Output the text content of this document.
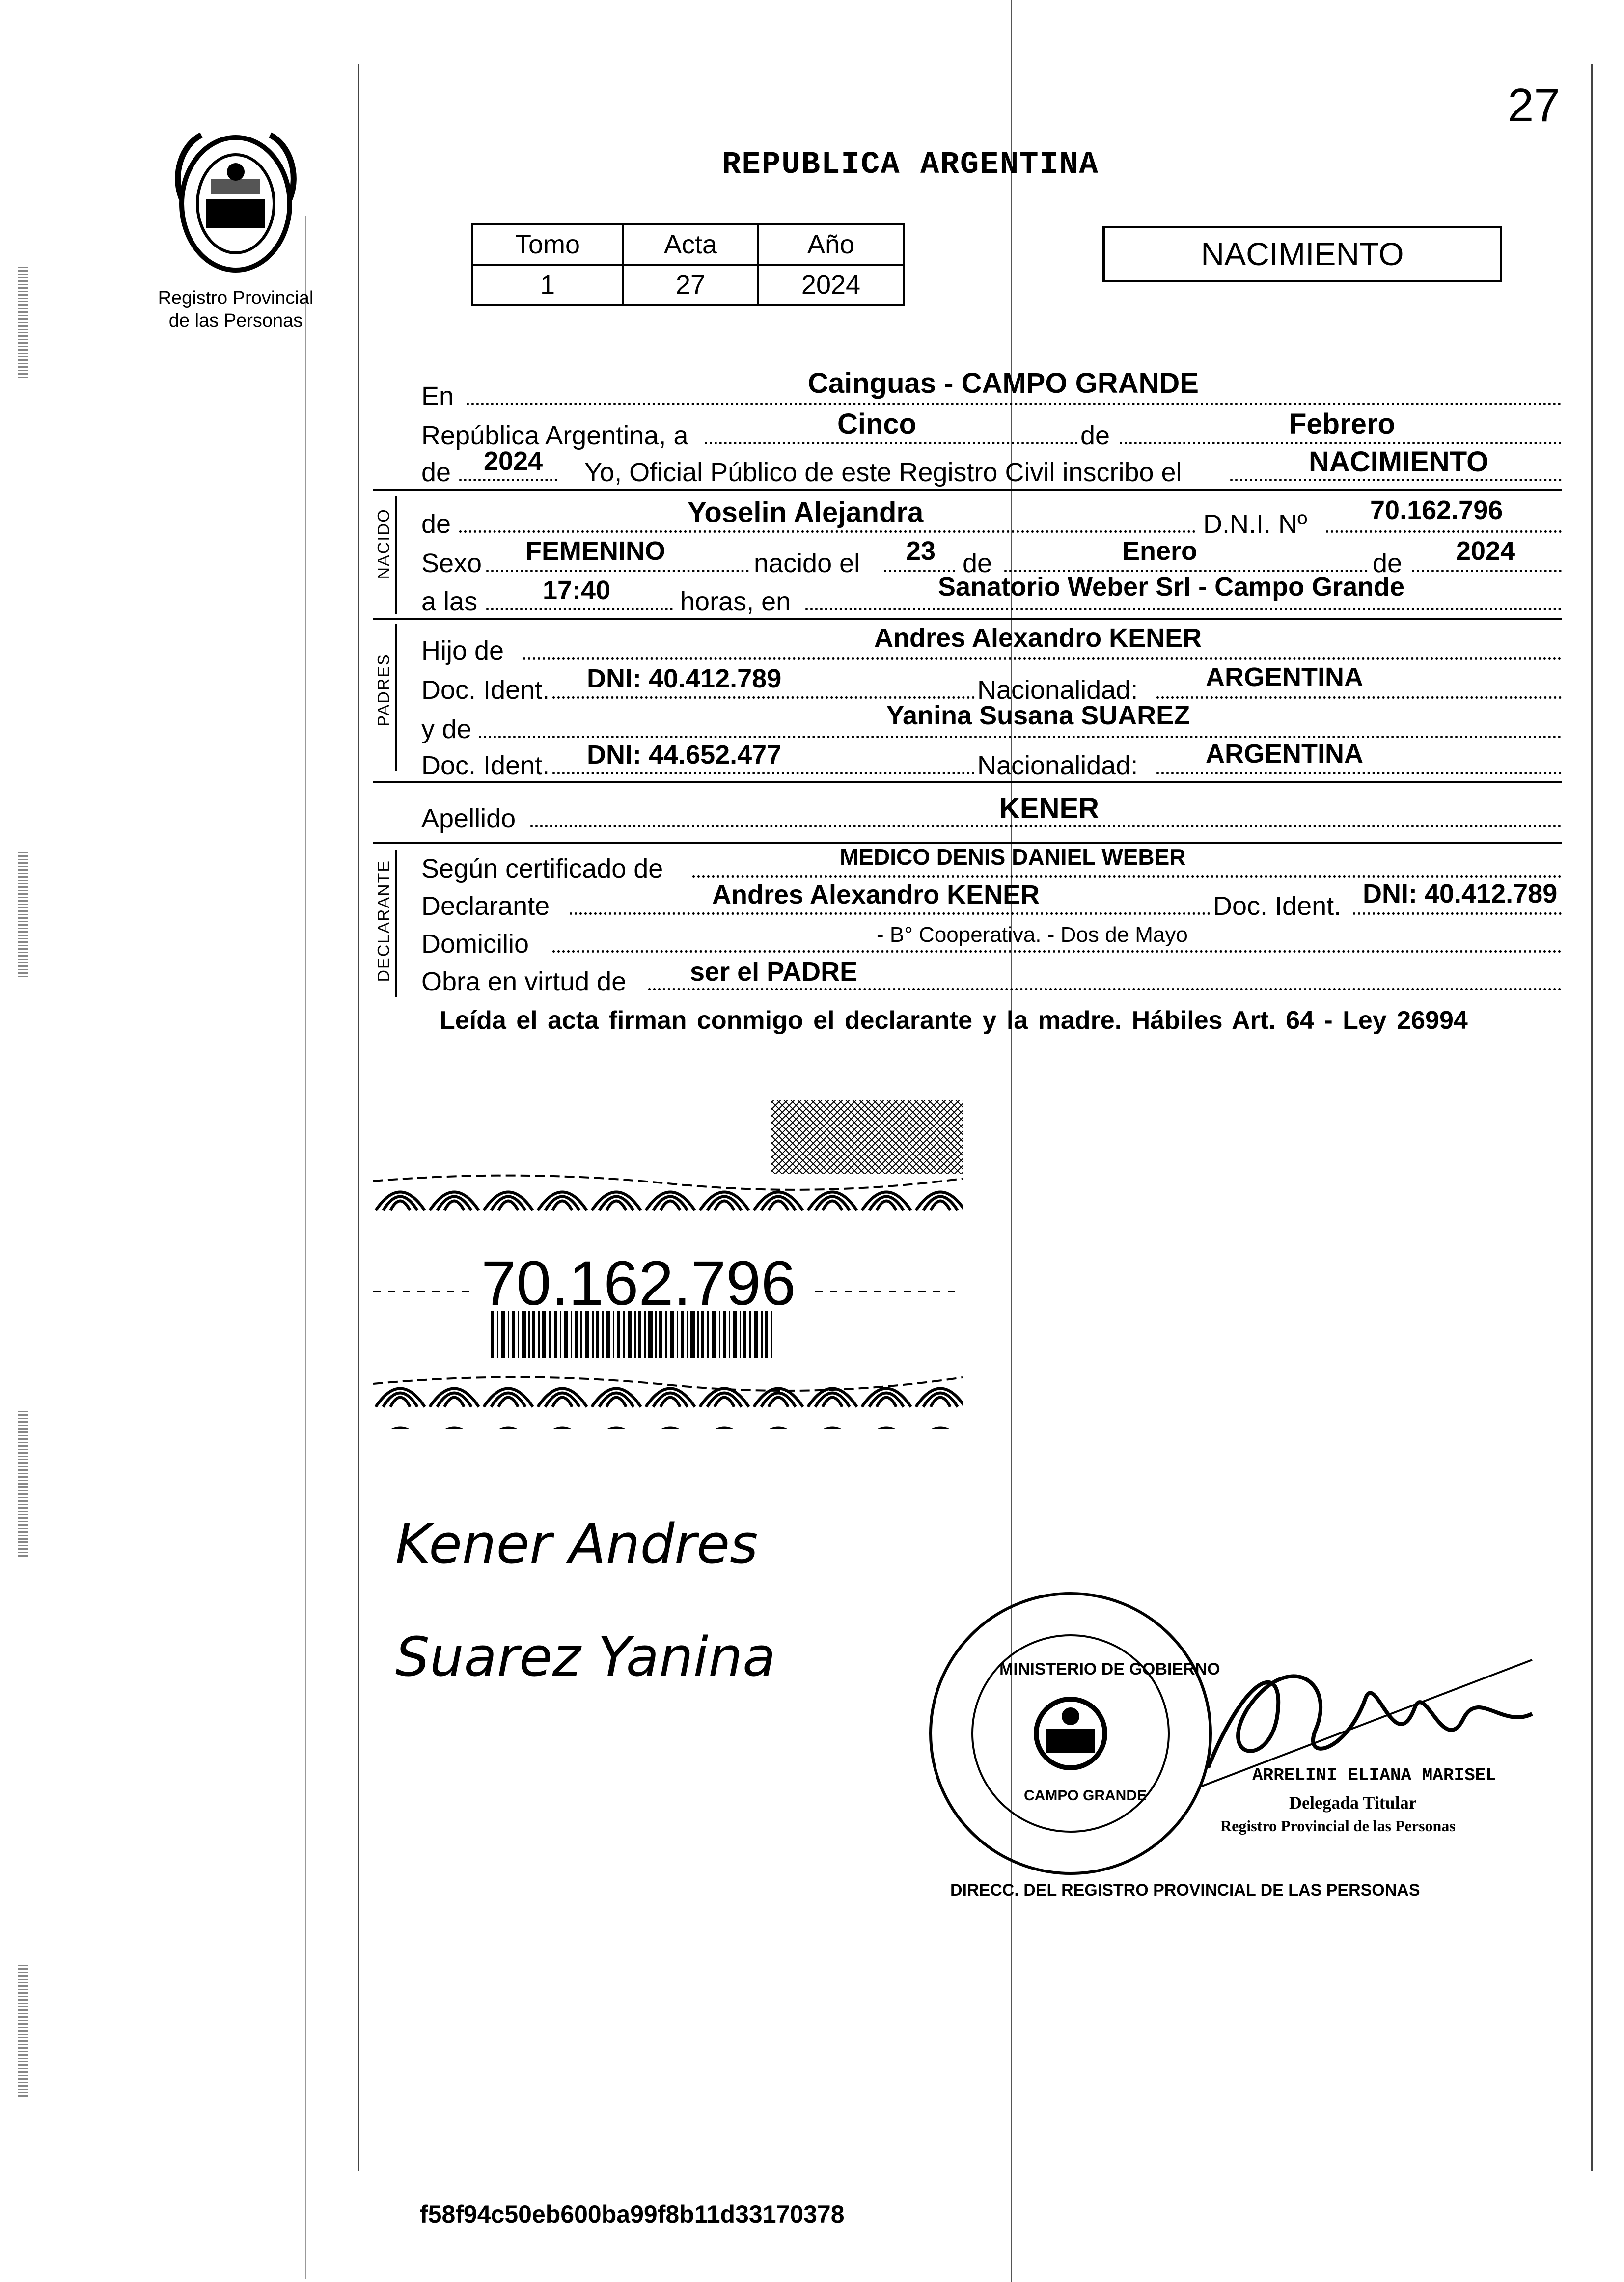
27
Registro Provincial
de las Personas
REPUBLICA ARGENTINA
Tomo	Acta	Año
1	27	2024
NACIMIENTO
En	Cainguas - CAMPO GRANDE
República Argentina, a	Cinco	de	Febrero
de 2024 Yo, Oficial Público de este Registro Civil inscribo el	NACIMIENTO
NACIDO de	Yoselin Alejandra	D.N.I. Nº 70.162.796
Sexo FEMENINO	nacido el 23 de	Enero	de 2024
a las 17:40	horas, en	Sanatorio Weber Srl - Campo Grande
PADRES
Hijo de	Andres Alexandro KENER
Doc. Ident. DNI: 40.412.789	Nacionalidad:	ARGENTINA
y de	Yanina Susana SUAREZ
Doc. Ident. DNI: 44.652.477	Nacionalidad:	ARGENTINA
Apellido	KENER
DECLARANTE Según certificado de	MEDICO DENIS DANIEL WEBER
Declarante	Andres Alexandro KENER	Doc. Ident. DNI: 40.412.789
Domicilio	- B° Cooperativa. - Dos de Mayo
Obra en virtud de ser el PADRE
Leída el acta firman conmigo el declarante y la madre. Hábiles Art. 64 - Ley 26994
70.162.796
Kener Andres
Suarez Yanina
DIRECC. DEL REGISTRO PROVINCIAL DE LAS PERSONAS
MINISTERIO DE GOBIERNO
CAMPO GRANDE
ARRELINI ELIANA MARISEL
Delegada Titular
Registro Provincial de las Personas
f58f94c50eb600ba99f8b11d33170378
